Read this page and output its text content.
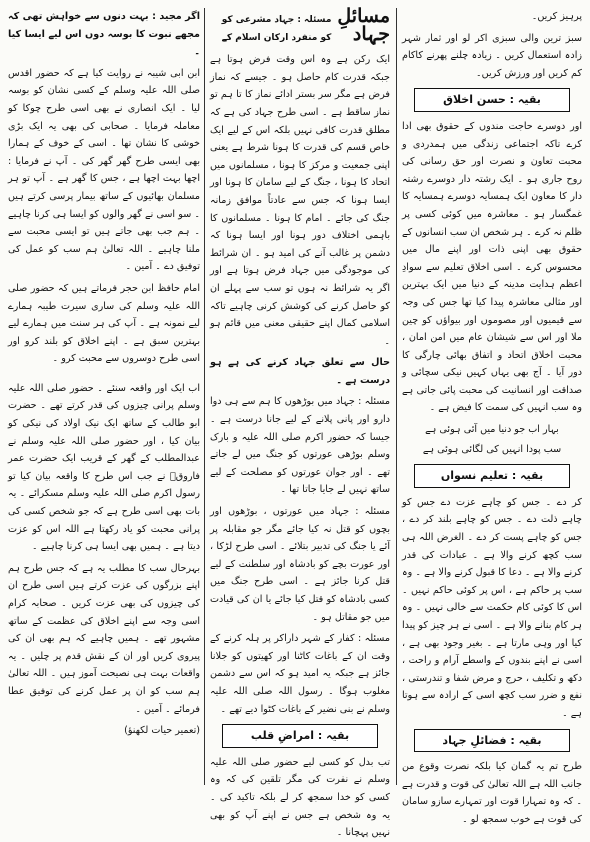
پرہیز کریں۔

سبز ترین والی سبزی اکر لو اور ثمار شہر زادہ استعمال کریں ۔ زیادہ چلنے پھرنے کاکام کم کریں اور ورزش کریں۔

بقیہ : حسن اخلاق

اور دوسرے حاجت مندوں کے حقوق بھی ادا کرے تاکہ اجتماعی زندگی میں ہمدردی و محبت تعاون و نصرت اور حق رسانی کی روح جاری ہو ۔ ایک رشتہ دار دوسرے رشتہ دار کا معاون ایک ہمسایہ دوسرے ہمسایہ کا غمگسار ہو ۔ معاشرہ میں کوئی کسی پر ظلم نہ کرے ۔ ہر شخص ان سب انسانوں کے حقوق بھی اپنی ذات اور اپنے مال میں محسوس کرے ۔ اسی اخلاق تعلیم سے سوادِ اعظم ہدایت مدینہ کے دنیا میں ایک بہترین اور مثالی معاشرہ پیدا کیا تھا جس کی وجہ سے قیمیوں اور مصوموں اور بیواؤں کو چین ملا اور اس سے شیشان عام میں امن امان ، محبت اخلاق اتحاد و اتفاق بھائی چارگی کا دور آیا ۔ آج بھی یہاں کہیں نیکی سچائی و صداقت اور انسانیت کی محبت پائی جاتی ہے وہ سب انہیں کی سمت کا فیض ہے ۔

بہار اب جو دنیا میں آئی ہوئی ہے

سب پودا انہیں کی لگائی ہوئی ہے

بقیہ : تعلیم نسواں

کر دے ۔ جس کو چاہے عزت دے جس کو چاہے ذلت دے ۔ جس کو چاہے بلند کر دے ، جس کو چاہے پست کر دے ۔ الغرض اللہ ہی سب کچھ کرنے والا ہے ۔ عبادات کی قدر کرنے والا ہے ۔ دعا کا قبول کرنے والا ہے ۔ وہ سب پر حاکم ہے ، اس پر کوئی حاکم نہیں ۔ اس کا کوئی کام حکمت سے خالی نہیں ۔ وہ ہر کام بنانے والا ہے ۔ اسی نے ہر چیز کو پیدا کیا اور وہی مارتا ہے ۔ بغیر وجود بھی ہے ، اسی نے اپنے بندوں کے واسطے آرام و راحت ، دکھ و تکلیف ، حرج و مرض شفا و تندرستی ، نفع و ضرر سب کچھ اسی کے ارادہ سے ہوتا ہے ۔

بقیہ : فضائلِ جہاد

طرح تم یہ گمان کیا بلکہ نصرت وقوع من جانب اللہ ہے اللہ تعالیٰ کی قوت و قدرت ہے ۔ کہ وہ تمہارا قوت اور تمہارے سازو سامان کی قوت ہے خوب سمجھ لو ۔

مسائلِ جہاد
مسئلہ : جہاد مشرعی کو کو منفرد ارکان اسلام کے

ایک رکن ہے وہ اس وقت فرض ہوتا ہے جبکہ قدرت کام حاصل ہو ۔ جیسے کہ نماز فرض ہے مگر سر بستر ادائے نماز کا تا ہم تو نماز ساقط ہے ۔ اسی طرح جہاد کی ہے کہ مطلق قدرت کافی نہیں بلکہ اس کے لیے ایک خاص قسم کی قدرت کا ہونا شرط ہے یعنی اپنی جمعیت و مرکز کا ہونا ، مسلمانوں میں اتحاد کا ہونا ، جنگ کے لیے سامان کا ہونا اور ایسا ہونا کہ جس سے عادتاً موافق زمانہ جنگ کی جائے ۔ امام کا ہونا ۔ مسلمانوں کا باہمی اختلاف دور ہونا اور ایسا ہونا کہ دشمن پر غالب آنے کی امید ہو ۔ ان شرائط کی موجودگی میں جہاد فرض ہوتا ہے اور اگر یہ شرائط نہ ہوں تو سب سے پہلے ان کو حاصل کرنے کی کوشش کرنی چاہیے تاکہ اسلامی کمال اپنے حقیقی معنی میں قائم ہو ۔

حال سے تعلق جہاد کرنے کی ہے ہو درست ہے ۔

مسئلہ : جہاد میں بوڑھوں کا ہم سے ہی دوا دارو اور پانی پلانے کے لیے جانا درست ہے ۔ جیسا کہ حضور اکرم صلی اللہ علیہ و بارک وسلم بوڑھی عورتوں کو جنگ میں لے جاتے تھے ۔ اور جوان عورتوں کو مصلحت کے لیے ساتھ نہیں لے جایا جاتا تھا ۔

مسئلہ : جہاد میں عورتوں ، بوڑھوں اور بچوں کو قتل نہ کیا جائے مگر جو مقابلہ پر آئے یا جنگ کی تدبیر بتلائے ۔ اسی طرح لڑکا ، اور عورت بچے کو بادشاہ اور سلطنت کے لیے قتل کرنا جائز ہے ۔ اسی طرح جنگ میں کسی بادشاہ کو قتل کیا جائے یا ان کی قیادت میں جو مقاتل ہو ۔

مسئلہ : کفار کے شہر داراکر پر ہلہ کرنے کے وقت ان کے باغات کاٹنا اور کھیتوں کو جلانا جائز ہے جبکہ یہ امید ہو کہ اس سے دشمن مغلوب ہوگا ۔ رسول اللہ صلی اللہ علیہ وسلم نے بنی نضیر کے باغات کٹوا دیے تھے ۔

بقیہ : امراضِ قلب

تب بدل کو کسی لیے حضور صلی اللہ علیہ وسلم نے نفرت کی مگر تلقین کی کہ وہ کسی کو خدا سمجھ کر لے بلکہ تاکید کی ۔ یہ وہ شخص ہے جس نے اپنے آپ کو بھی نہیں پہچانا ۔

اگر مجید : بہت دنوں سے خواہش تھی کہ مجھے نبوت کا بوسہ دوں اس لیے ایسا کیا ۔

ابن ابی شیبہ نے روایت کیا ہے کہ حضور اقدس صلی اللہ علیہ وسلم کے کسی نشان کو بوسہ لیا ۔ ایک انصاری نے بھی اسی طرح چوکا کو معاملہ فرمایا ۔ صحابی کی بھی یہ ایک بڑی خوشی کا نشان تھا ۔ اسی کے خوف کے ہمارا بھی ایسی طرح گھر گھر کی ۔ آپ نے فرمایا : اچھا بہت اچھا ہے ، جس کا گھر ہے ۔ آپ تو ہر مسلمان بھائیوں کے ساتھ بیمار پرسی کرتے ہیں ۔ سو اسی نے گھر والوں کو ایسا ہی کرنا چاہیے ۔ ہم جب بھی جاتے ہیں تو ایسی محبت سے ملنا چاہیے ۔ اللہ تعالیٰ ہم سب کو عمل کی توفیق دے ۔ آمین ۔

امام حافظ ابن حجر فرماتے ہیں کہ حضور صلی اللہ علیہ وسلم کی ساری سیرت طیبہ ہمارے لیے نمونہ ہے ۔ آپ کی ہر سنت میں ہمارے لیے بہترین سبق ہے ۔ اپنے اخلاق کو بلند کرو اور اسی طرح دوسروں سے محبت کرو ۔

اب ایک اور واقعہ سنئے ۔ حضور صلی اللہ علیہ وسلم پرانی چیزوں کی قدر کرتے تھے ۔ حضرت ابو طالب کے ساتھ ایک نیک اولاد کی نیکی کو بیان کیا ، اور حضور صلی اللہ علیہ وسلم نے عبدالمطلب کے گھر کے قریب ایک حضرت عمر فاروقؓ نے جب اس طرح کا واقعہ بیان کیا تو رسول اکرم صلی اللہ علیہ وسلم مسکرائے ۔ یہ بات بھی اسی طرح ہے کہ جو شخص کسی کی پرانی محبت کو یاد رکھتا ہے اللہ اس کو عزت دیتا ہے ۔ ہمیں بھی ایسا ہی کرنا چاہیے ۔

بہرحال سب کا مطلب یہ ہے کہ جس طرح ہم اپنے بزرگوں کی عزت کرتے ہیں اسی طرح ان کی چیزوں کی بھی عزت کریں ۔ صحابہ کرام اسی وجہ سے اپنے اخلاق کی عظمت کے ساتھ مشہور تھے ۔ ہمیں چاہیے کہ ہم بھی ان کی پیروی کریں اور ان کے نقش قدم پر چلیں ۔ یہ واقعات بہت ہی نصیحت آموز ہیں ۔ اللہ تعالیٰ ہم سب کو ان پر عمل کرنے کی توفیق عطا فرمائے ۔ آمین ۔

(تعمیر حیات لکھنؤ)
